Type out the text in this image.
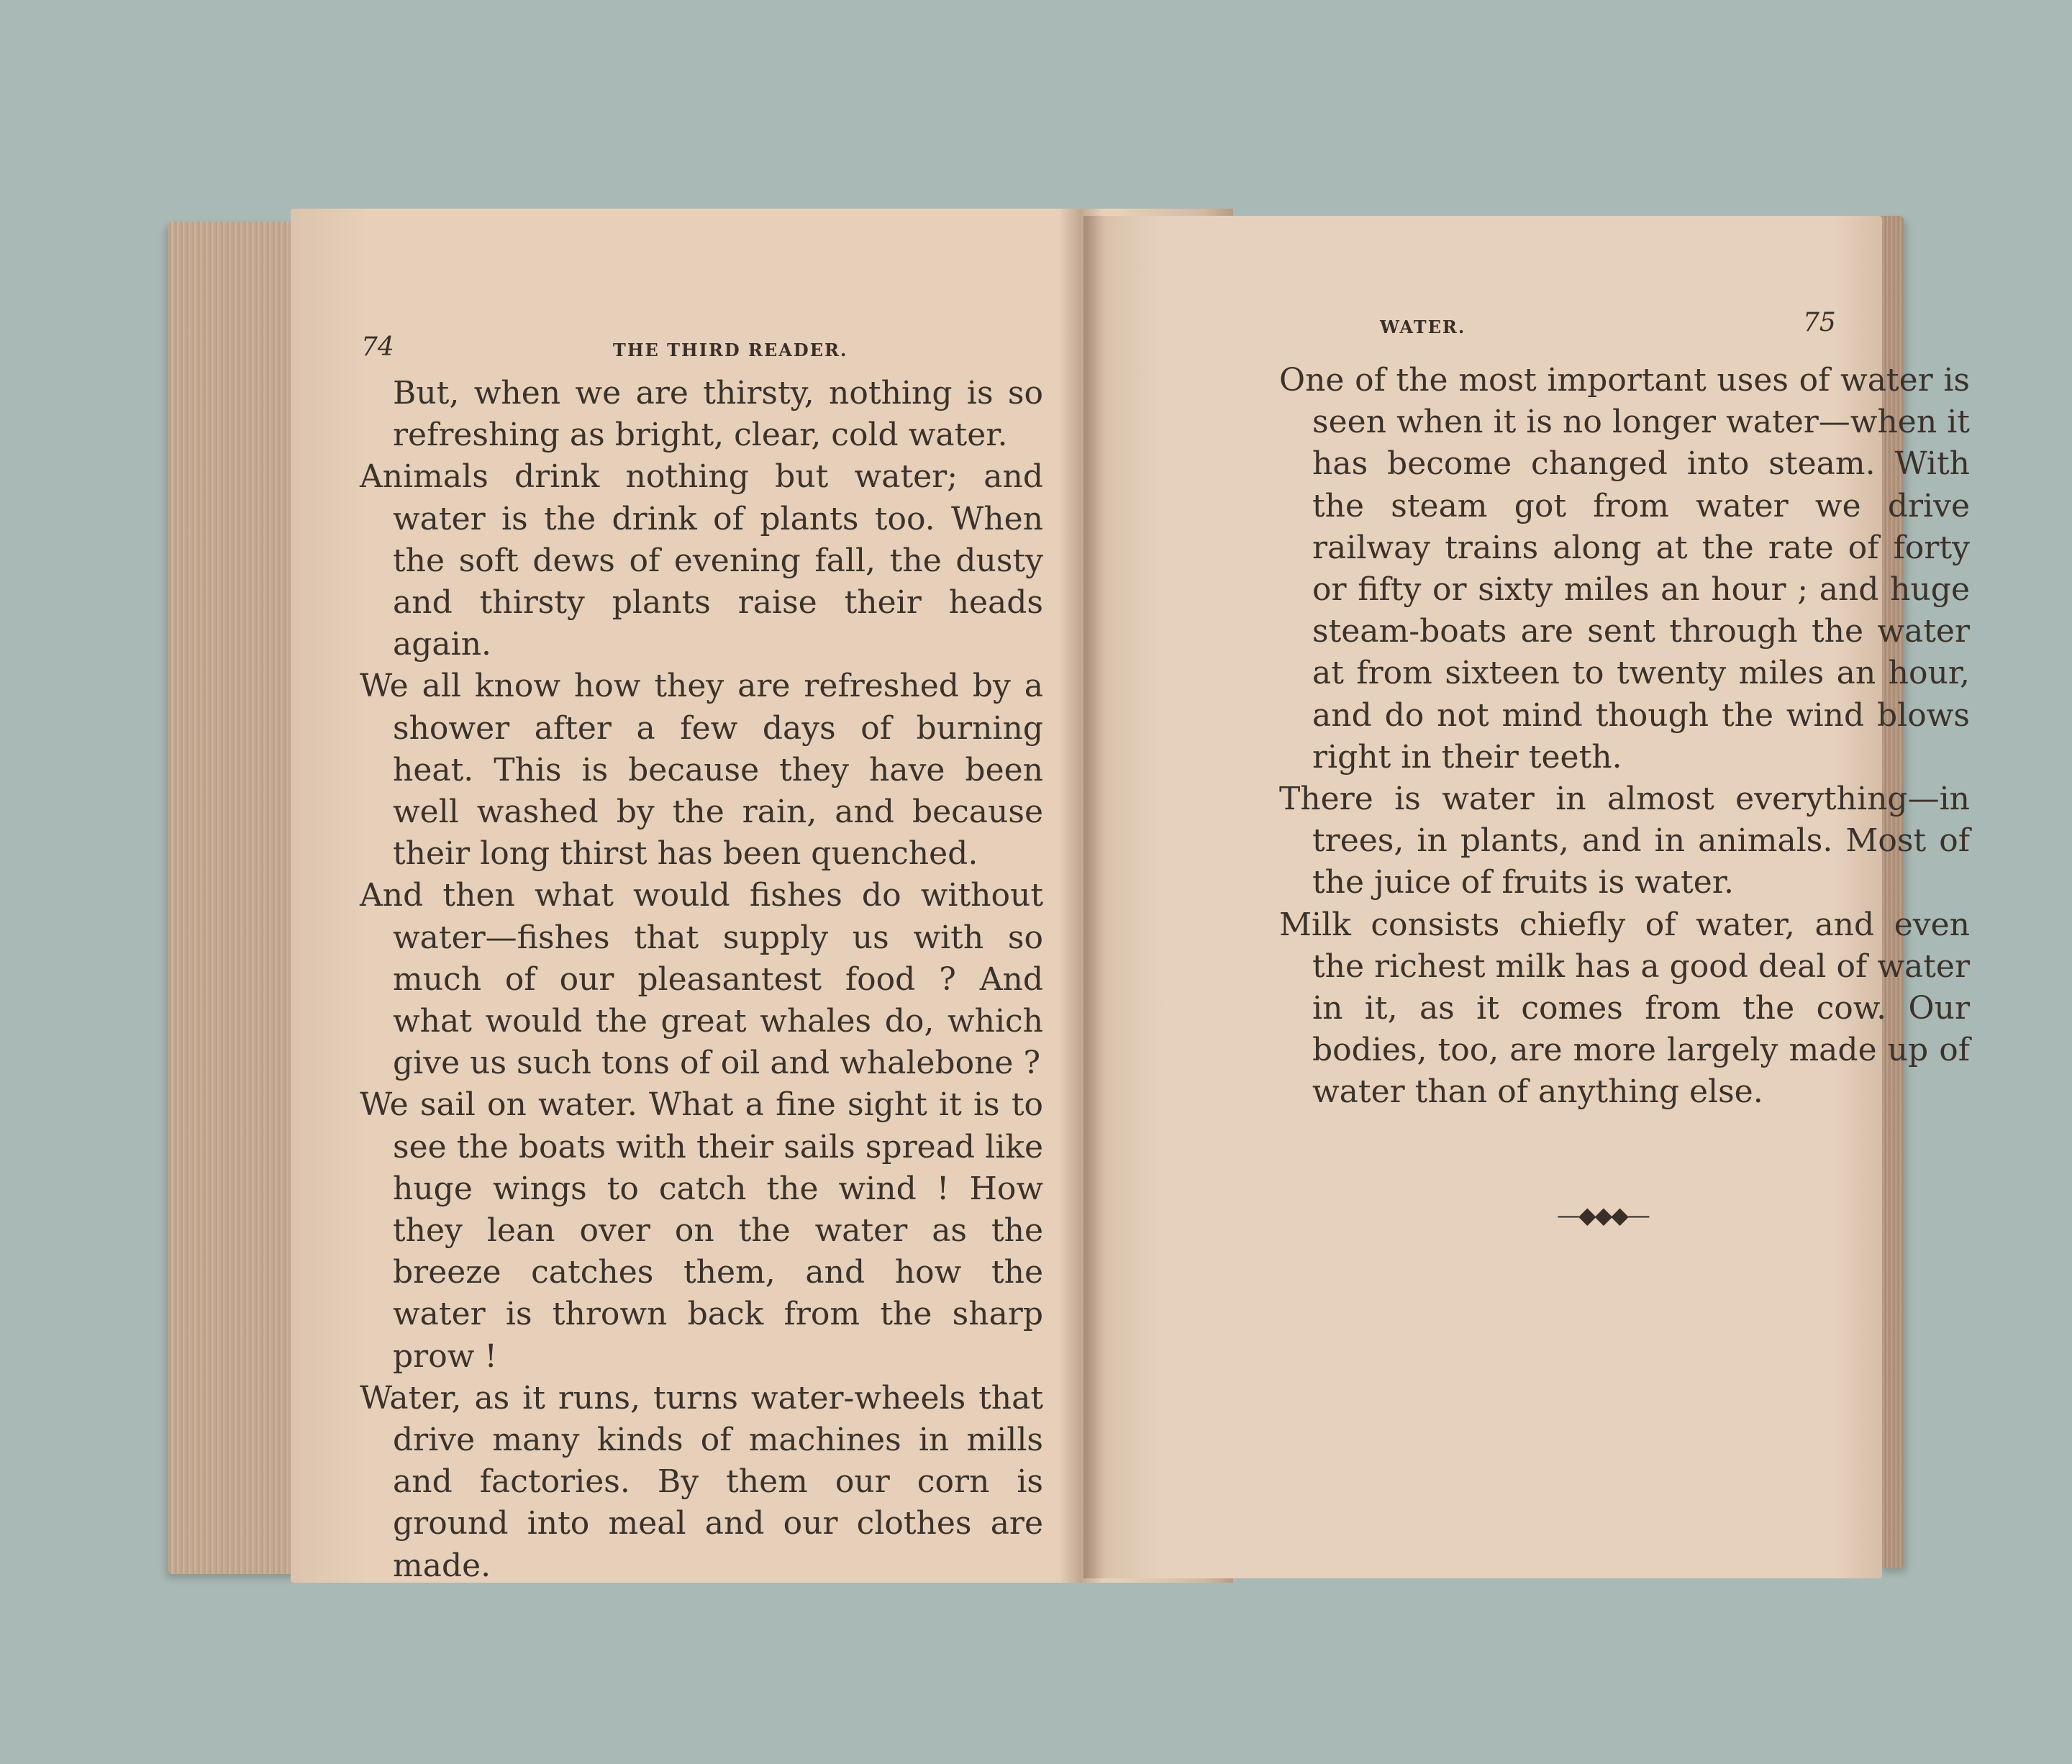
74	THE THIRD READER.

But, when we are thirsty, nothing is so refreshing as bright, clear, cold water.

Animals drink nothing but water; and water is the drink of plants too. When the soft dews of evening fall, the dusty and thirsty plants raise their heads again.

We all know how they are refreshed by a shower after a few days of burning heat. This is because they have been well washed by the rain, and because their long thirst has been quenched.

And then what would fishes do without water—fishes that supply us with so much of our pleasantest food ? And what would the great whales do, which give us such tons of oil and whalebone ?

We sail on water. What a fine sight it is to see the boats with their sails spread like huge wings to catch the wind ! How they lean over on the water as the breeze catches them, and how the water is thrown back from the sharp prow !

Water, as it runs, turns water-wheels that drive many kinds of machines in mills and factories. By them our corn is ground into meal and our clothes are made.

WATER.	75

One of the most important uses of water is seen when it is no longer water—when it has become changed into steam. With the steam got from water we drive railway trains along at the rate of forty or fifty or sixty miles an hour ; and huge steam-boats are sent through the water at from sixteen to twenty miles an hour, and do not mind though the wind blows right in their teeth.

There is water in almost everything—in trees, in plants, and in animals. Most of the juice of fruits is water.

Milk consists chiefly of water, and even the richest milk has a good deal of water in it, as it comes from the cow. Our bodies, too, are more largely made up of water than of anything else.

—◆◆◆—
